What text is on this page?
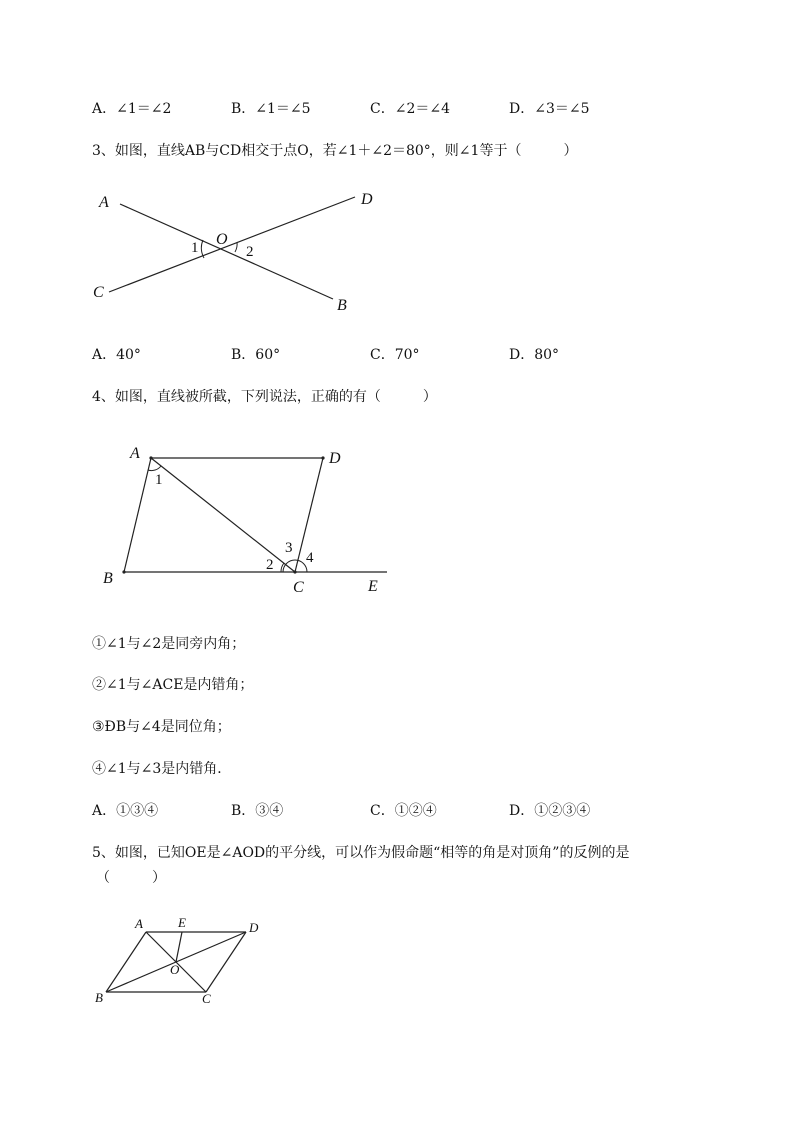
A．∠1＝∠2	B．∠1＝∠5	C．∠2＝∠4	D．∠3＝∠5
3、如图，直线AB与CD相交于点O，若∠1＋∠2＝80°，则∠1等于（　　　）
A	D
C
B
O
1	2
A．40°	B．60°	C．70°	D．80°
4、如图，直线被所截，下列说法，正确的有（　　　）
A	D
B
C	E
1
2
3
4
①∠1与∠2是同旁内角；
②∠1与∠ACE是内错角；
③ÐB与∠4是同位角；
④∠1与∠3是内错角．
A．①③④	B．③④	C．①②④	D．①②③④
5、如图，已知OE是∠AOD的平分线，可以作为假命题“相等的角是对顶角”的反例的是
（　　　）
A	E	D
O
B	C
